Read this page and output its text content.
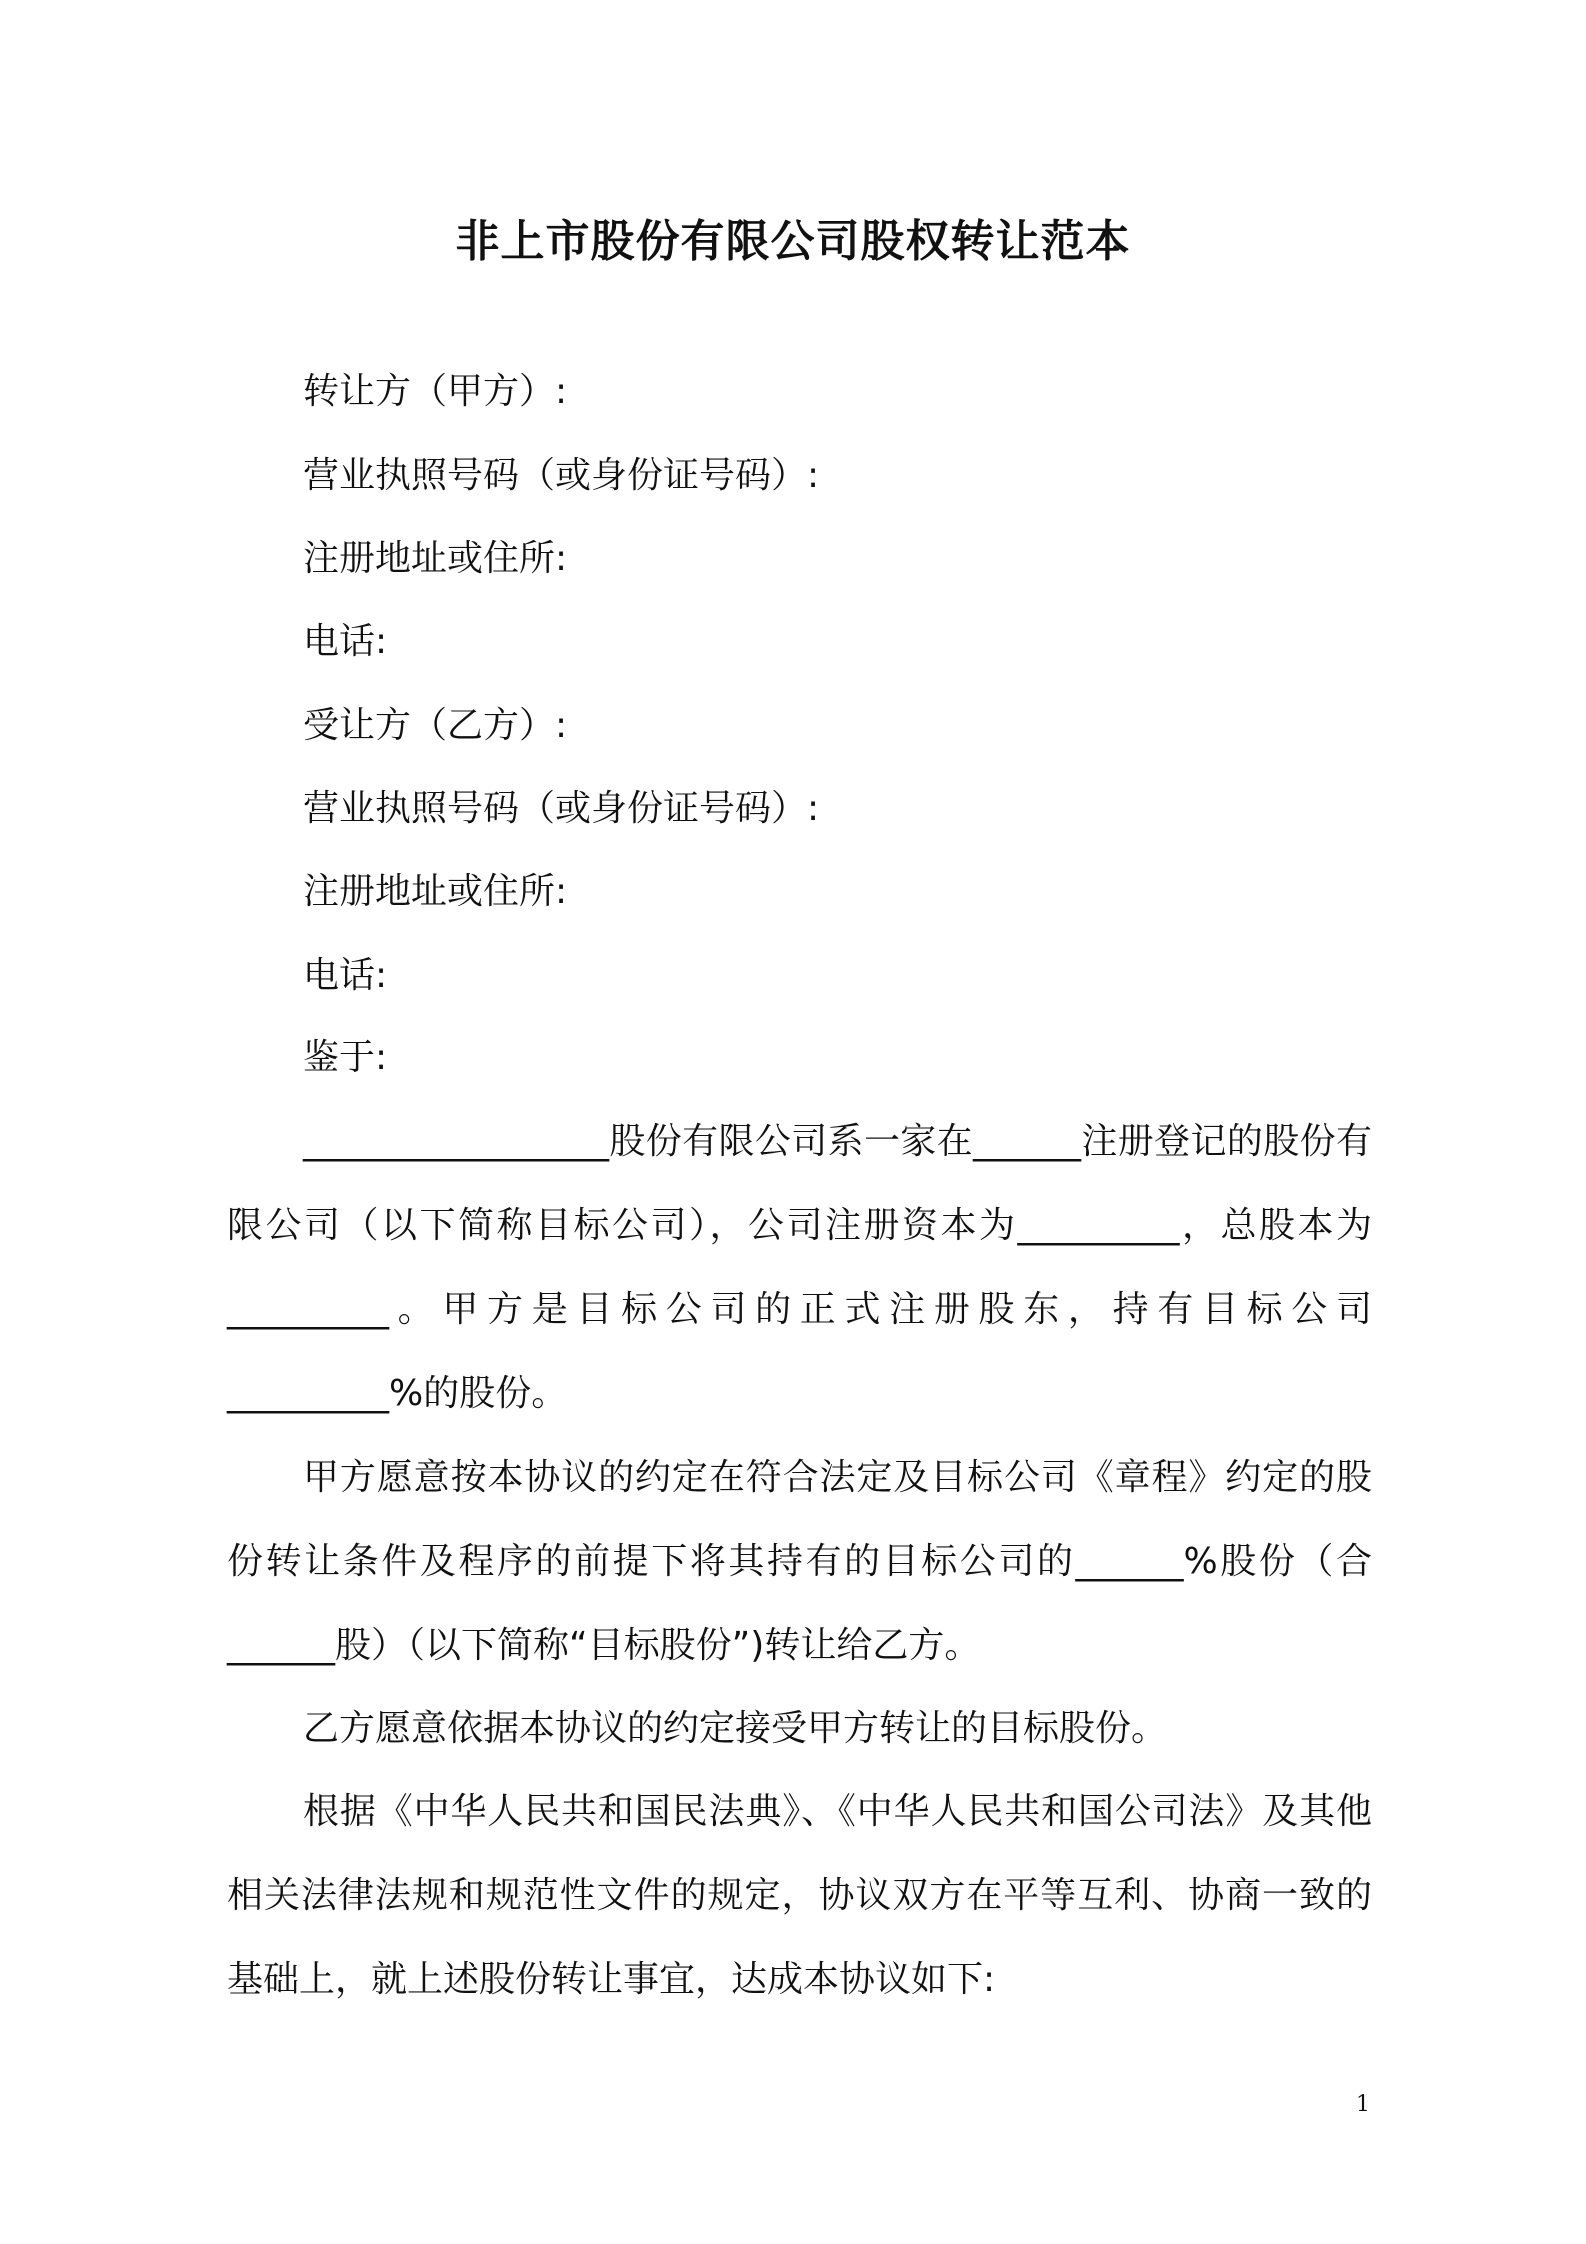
非上市股份有限公司股权转让范本
转让方（甲方）:
营业执照号码（或身份证号码）:
注册地址或住所:
电话:
受让方（乙方）:
营业执照号码（或身份证号码）:
注册地址或住所:
电话:
鉴于:

_________________股份有限公司系一家在______注册登记的股份有限公司（以下简称目标公司），公司注册资本为_________，总股本为_________。甲方是目标公司的正式注册股东，持有目标公司_________%的股份。

甲方愿意按本协议的约定在符合法定及目标公司《章程》约定的股份转让条件及程序的前提下将其持有的目标公司的______%股份（合______股）（以下简称“目标股份”)转让给乙方。

乙方愿意依据本协议的约定接受甲方转让的目标股份。

根据《中华人民共和国民法典》、《中华人民共和国公司法》及其他相关法律法规和规范性文件的规定，协议双方在平等互利、协商一致的基础上，就上述股份转让事宜，达成本协议如下:

1
